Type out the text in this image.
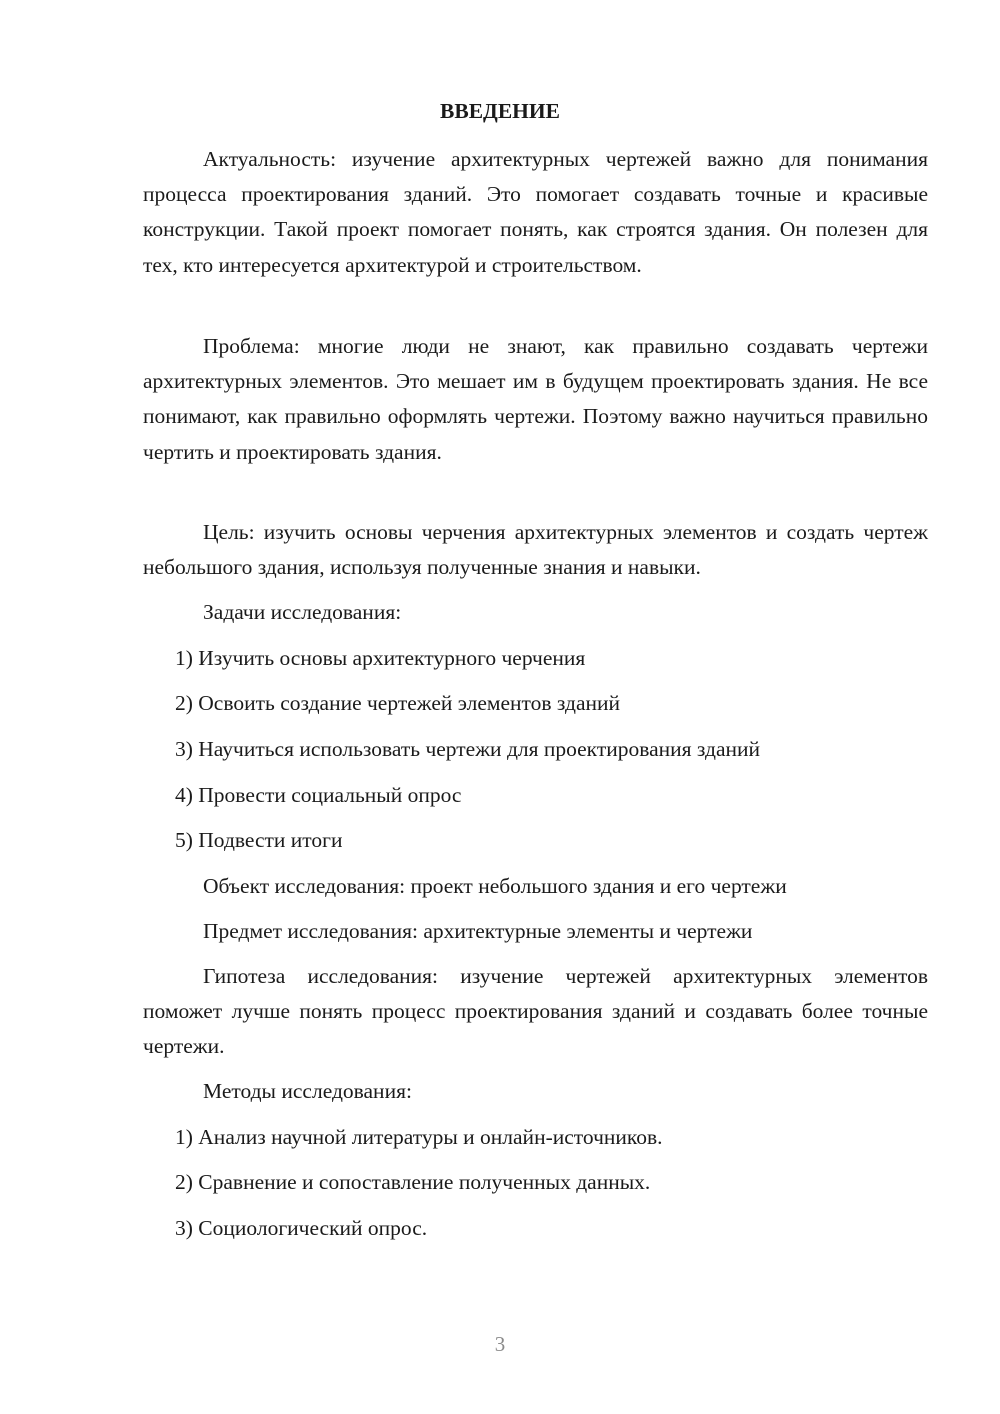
ВВЕДЕНИЕ

Актуальность: изучение архитектурных чертежей важно для понимания процесса проектирования зданий. Это помогает создавать точные и красивые конструкции. Такой проект помогает понять, как строятся здания. Он полезен для тех, кто интересуется архитектурой и строительством.

Проблема: многие люди не знают, как правильно создавать чертежи архитектурных элементов. Это мешает им в будущем проектировать здания. Не все понимают, как правильно оформлять чертежи. Поэтому важно научиться правильно чертить и проектировать здания.

Цель: изучить основы черчения архитектурных элементов и создать чертеж небольшого здания, используя полученные знания и навыки.

Задачи исследования:
1) Изучить основы архитектурного черчения
2) Освоить создание чертежей элементов зданий
3) Научиться использовать чертежи для проектирования зданий
4) Провести социальный опрос
5) Подвести итоги
Объект исследования: проект небольшого здания и его чертежи
Предмет исследования: архитектурные элементы и чертежи

Гипотеза исследования: изучение чертежей архитектурных элементов поможет лучше понять процесс проектирования зданий и создавать более точные чертежи.

Методы исследования:
1) Анализ научной литературы и онлайн-источников.
2) Сравнение и сопоставление полученных данных.
3) Социологический опрос.
3
